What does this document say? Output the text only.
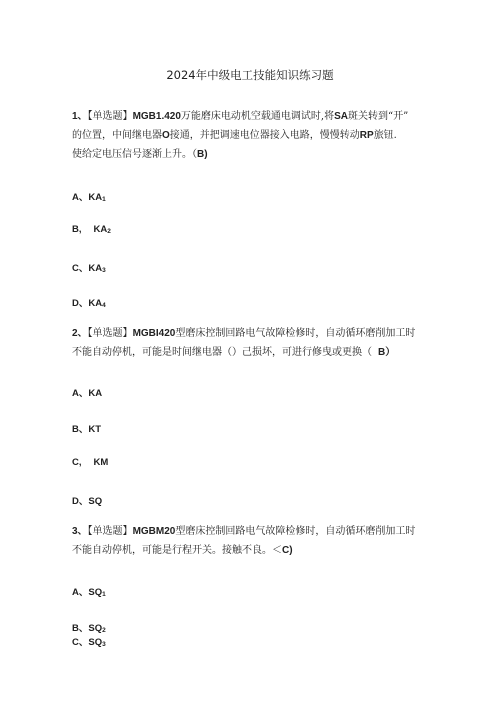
2024年中级电工技能知识练习题
1、【单选题】MGB1.420万能磨床电动机空载通电调试时,将SA斑关转到“开”
的位置，中间继电器O接通，并把调速电位器接入电路，慢慢转动RP旅钮.
使给定电压信号逐渐上升。（B)
A、$KA_1$
B, $KA_2$
C、$KA_3$
D、$KA_4$
2、【单选题】MGBI420型磨床控制回路电气故障检修时，自动循环磨削加工时
不能自动停机，可能是时间继电器（）己损坏，可进行修曳或更换（ B）
A、KA
B、KT
C, KM
D、SQ
3、【单选题】MGBM20型磨床控制回路电气故障检修时，自动循环磨削加工时
不能自动停机，可能是行程开关。接触不良。＜C)
A、$SQ_1$
B、$SQ_2$
C、$SQ_3$
